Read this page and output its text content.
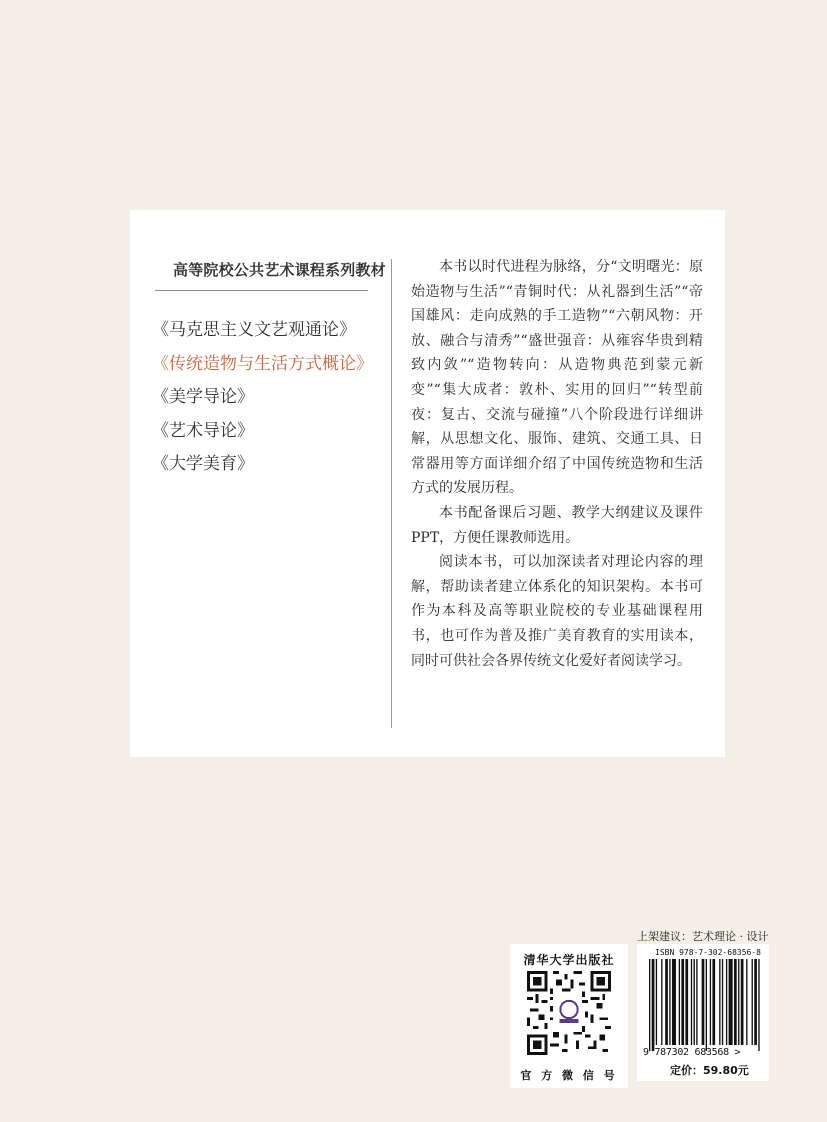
高等院校公共艺术课程系列教材
《马克思主义文艺观通论》
《传统造物与生活方式概论》
《美学导论》
《艺术导论》
《大学美育》

本书以时代进程为脉络，分“文明曙光：原始造物与生活”“青铜时代：从礼器到生活”“帝国雄风：走向成熟的手工造物”“六朝风物：开放、融合与清秀”“盛世强音：从雍容华贵到精致内敛”“造物转向：从造物典范到蒙元新变”“集大成者：敦朴、实用的回归”“转型前夜：复古、交流与碰撞”八个阶段进行详细讲解，从思想文化、服饰、建筑、交通工具、日常器用等方面详细介绍了中国传统造物和生活方式的发展历程。

本书配备课后习题、教学大纲建议及课件PPT，方便任课教师选用。

阅读本书，可以加深读者对理论内容的理解，帮助读者建立体系化的知识架构。本书可作为本科及高等职业院校的专业基础课程用书，也可作为普及推广美育教育的实用读本，同时可供社会各界传统文化爱好者阅读学习。

上架建议：艺术理论 · 设计
清华大学出版社
官 方 微 信 号
ISBN 978-7-302-68356-8
9 787302 683568 >
定价：59.80元
